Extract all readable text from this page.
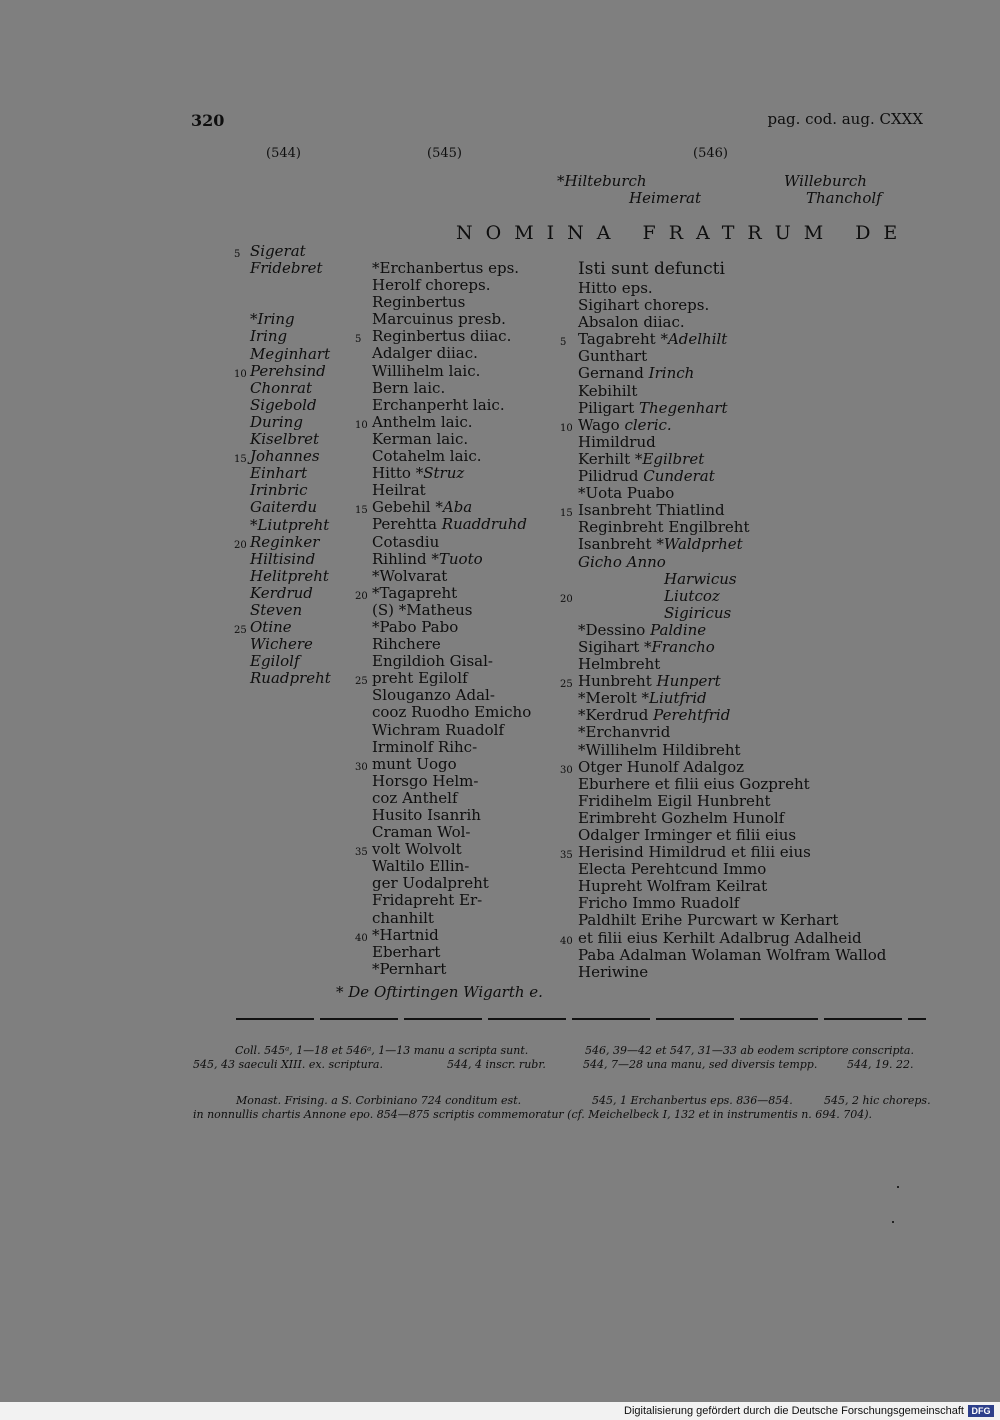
320	pag. cod. aug. CXXX
(544)	(545)	(546)
*Hilteburch	Willeburch
Heimerat	Thancholf
NOMINA FRATRUM DE
5 Sigerat
Fridebret
*Iring
Iring
Meginhart
10 Perehsind
Chonrat
Sigebold
During
Kiselbret
15 Johannes
Einhart
Irinbric
Gaiterdu
*Liutpreht
20 Reginker
Hiltisind
Helitpreht
Kerdrud
Steven
25 Otine
Wichere
Egilolf
Ruadpreht
*Erchanbertus eps.
Herolf choreps.
Reginbertus
Marcuinus presb.
5 Reginbertus diiac.
Adalger diiac.
Willihelm laic.
Bern laic.
Erchanperht laic.
10 Anthelm laic.
Kerman laic.
Cotahelm laic.
Hitto *Struz
Heilrat
15 Gebehil *Aba
Perehtta Ruaddruhd
Cotasdiu
Rihlind *Tuoto
*Wolvarat
20 *Tagapreht
(S) *Matheus
*Pabo Pabo
Rihchere
Engildioh Gisal-
25 preht Egilolf
Slouganzo Adal-
cooz Ruodho Emicho
Wichram Ruadolf
Irminolf Rihc-
30 munt Uogo
Horsgo Helm-
coz Anthelf
Husito Isanrih
Craman Wol-
35 volt Wolvolt
Waltilo Ellin-
ger Uodalpreht
Fridapreht Er-
chanhilt
40 *Hartnid
Eberhart
*Pernhart
* De Oftirtingen Wigarth e.
Isti sunt defuncti
Hitto eps.
Sigihart choreps.
Absalon diiac.
5 Tagabreht *Adelhilt
Gunthart
Gernand Irinch
Kebihilt
Piligart Thegenhart
10 Wago cleric.
Himildrud
Kerhilt *Egilbret
Pilidrud Cunderat
*Uota Puabo
15 Isanbreht Thiatlind
Reginbreht Engilbreht
Isanbreht *Waldprhet
Gicho Anno
Harwicus
20	Liutcoz
Sigiricus
*Dessino Paldine
Sigihart *Francho
Helmbreht
25 Hunbreht Hunpert
*Merolt *Liutfrid
*Kerdrud Perehtfrid
*Erchanvrid
*Willihelm Hildibreht
30 Otger Hunolf Adalgoz
Eburhere et filii eius Gozpreht
Fridihelm Eigil Hunbreht
Erimbreht Gozhelm Hunolf
Odalger Irminger et filii eius
35 Herisind Himildrud et filii eius
Electa Perehtcund Immo
Hupreht Wolfram Keilrat
Fricho Immo Ruadolf
Paldhilt Erihe Purcwart w Kerhart
40 et filii eius Kerhilt Adalbrug Adalheid
Paba Adalman Wolaman Wolfram Wallod
Heriwine
Coll. 545ᵃ, 1—18 et 546ᵃ, 1—13 manu a scripta sunt.	546, 39—42 et 547, 31—33 ab eodem scriptore conscripta.
545, 43 saeculi XIII. ex. scriptura.	544, 4 inscr. rubr.	544, 7—28 una manu, sed diversis tempp.	544, 19. 22.
Monast. Frising. a S. Corbiniano 724 conditum est.	545, 1 Erchanbertus eps. 836—854.	545, 2 hic choreps.
in nonnullis chartis Annone epo. 854—875 scriptis commemoratur (cf. Meichelbeck I, 132 et in instrumentis n. 694. 704).
Digitalisierung gefördert durch die Deutsche Forschungsgemeinschaft DFG
